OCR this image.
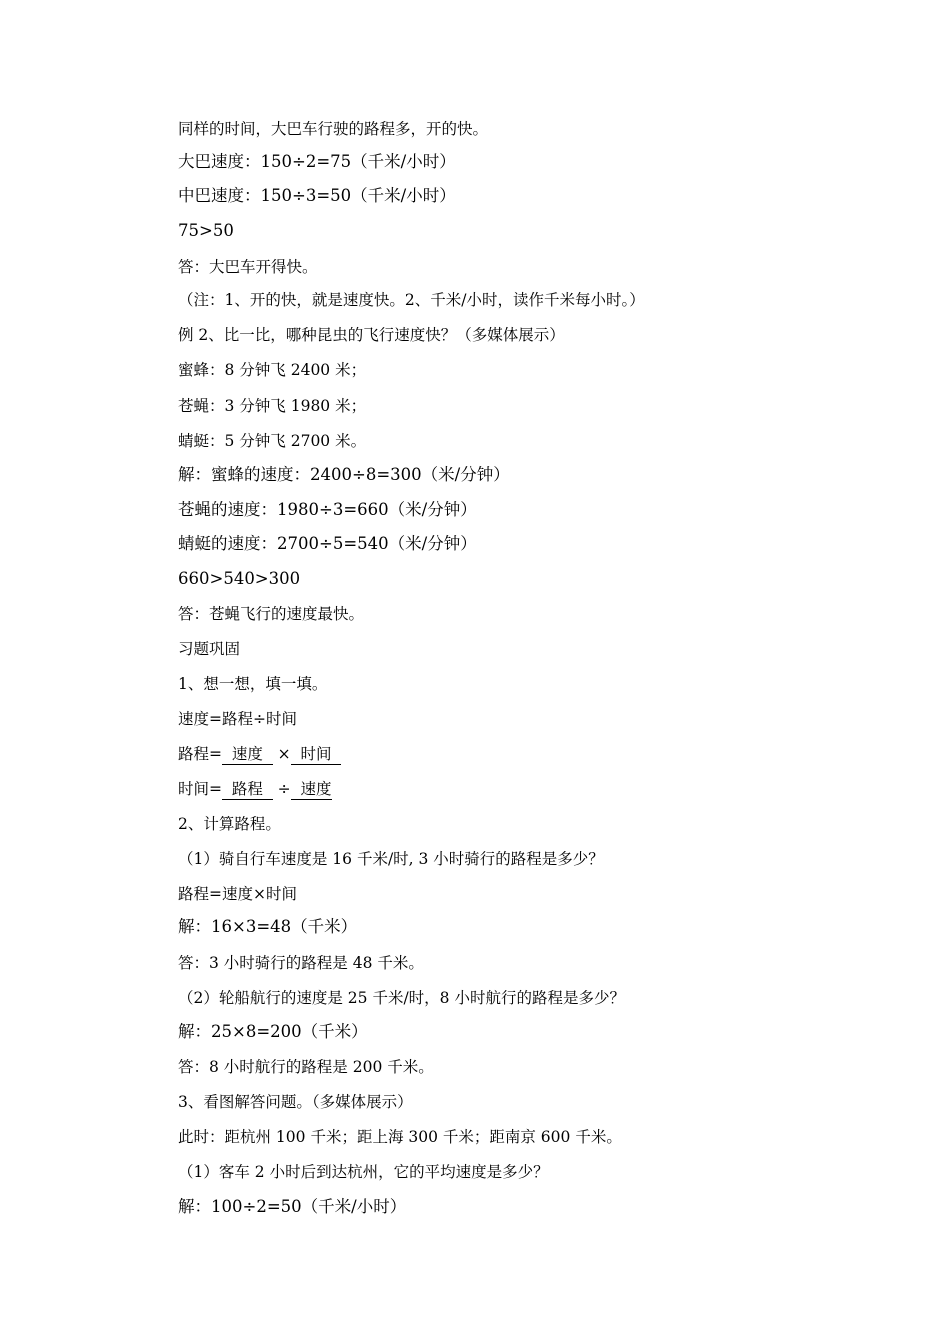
同样的时间，大巴车行驶的路程多，开的快。
大巴速度：150÷2=75（千米/小时）
中巴速度：150÷3=50（千米/小时）
75>50
答：大巴车开得快。
（注：1、开的快，就是速度快。2、千米/小时，读作千米每小时。）
例 2、比一比，哪种昆虫的飞行速度快？（多媒体展示）
蜜蜂：8 分钟飞 2400 米；
苍蝇：3 分钟飞 1980 米；
蜻蜓：5 分钟飞 2700 米。
解：蜜蜂的速度：2400÷8=300（米/分钟）
苍蝇的速度：1980÷3=660（米/分钟）
蜻蜓的速度：2700÷5=540（米/分钟）
660>540>300
答：苍蝇飞行的速度最快。
习题巩固
1、想一想，填一填。
速度=路程÷时间
路程=  速度   ×  时间
时间=  路程   ÷  速度
2、计算路程。
（1）骑自行车速度是 16 千米/时, 3 小时骑行的路程是多少？
路程=速度×时间
解：16×3=48（千米）
答：3 小时骑行的路程是 48 千米。
（2）轮船航行的速度是 25 千米/时，8 小时航行的路程是多少？
解：25×8=200（千米）
答：8 小时航行的路程是 200 千米。
3、看图解答问题。（多媒体展示）
此时：距杭州 100 千米；距上海 300 千米；距南京 600 千米。
（1）客车 2 小时后到达杭州，它的平均速度是多少？
解：100÷2=50（千米/小时）
